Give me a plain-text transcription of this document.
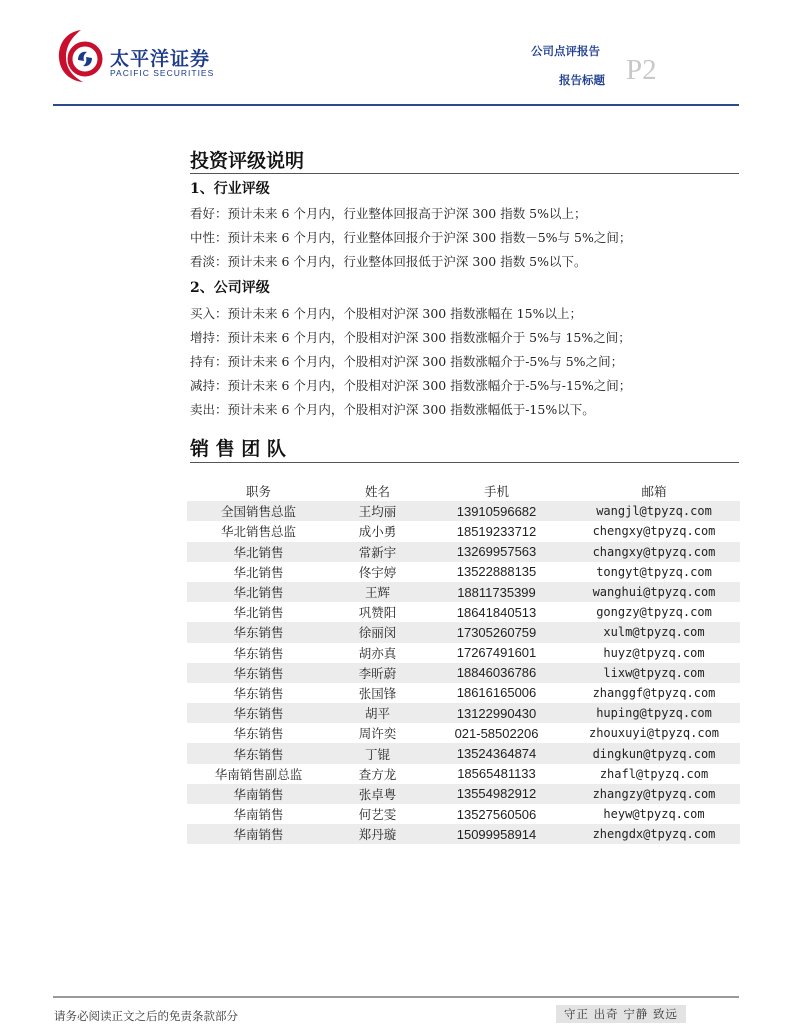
太平洋证券
PACIFIC SECURITIES
公司点评报告
报告标题 P2
投资评级说明
1、行业评级
看好：预计未来 6 个月内，行业整体回报高于沪深 300 指数 5%以上；
中性：预计未来 6 个月内，行业整体回报介于沪深 300 指数－5%与 5%之间；
看淡：预计未来 6 个月内，行业整体回报低于沪深 300 指数 5%以下。
2、公司评级
买入：预计未来 6 个月内，个股相对沪深 300 指数涨幅在 15%以上；
增持：预计未来 6 个月内，个股相对沪深 300 指数涨幅介于 5%与 15%之间；
持有：预计未来 6 个月内，个股相对沪深 300 指数涨幅介于-5%与 5%之间；
减持：预计未来 6 个月内，个股相对沪深 300 指数涨幅介于-5%与-15%之间；
卖出：预计未来 6 个月内，个股相对沪深 300 指数涨幅低于-15%以下。
销 售 团 队
职务	姓名	手机	邮箱
全国销售总监	王均丽	13910596682	wangjl@tpyzq.com
华北销售总监	成小勇	18519233712	chengxy@tpyzq.com
华北销售	常新宇	13269957563	changxy@tpyzq.com
华北销售	佟宇婷	13522888135	tongyt@tpyzq.com
华北销售	王辉	18811735399	wanghui@tpyzq.com
华北销售	巩赞阳	18641840513	gongzy@tpyzq.com
华东销售	徐丽闵	17305260759	xulm@tpyzq.com
华东销售	胡亦真	17267491601	huyz@tpyzq.com
华东销售	李昕蔚	18846036786	lixw@tpyzq.com
华东销售	张国锋	18616165006	zhanggf@tpyzq.com
华东销售	胡平	13122990430	huping@tpyzq.com
华东销售	周许奕	021-58502206	zhouxuyi@tpyzq.com
华东销售	丁锟	13524364874	dingkun@tpyzq.com
华南销售副总监	查方龙	18565481133	zhafl@tpyzq.com
华南销售	张卓粤	13554982912	zhangzy@tpyzq.com
华南销售	何艺雯	13527560506	heyw@tpyzq.com
华南销售	郑丹璇	15099958914	zhengdx@tpyzq.com
请务必阅读正文之后的免责条款部分	守正 出奇 宁静 致远
